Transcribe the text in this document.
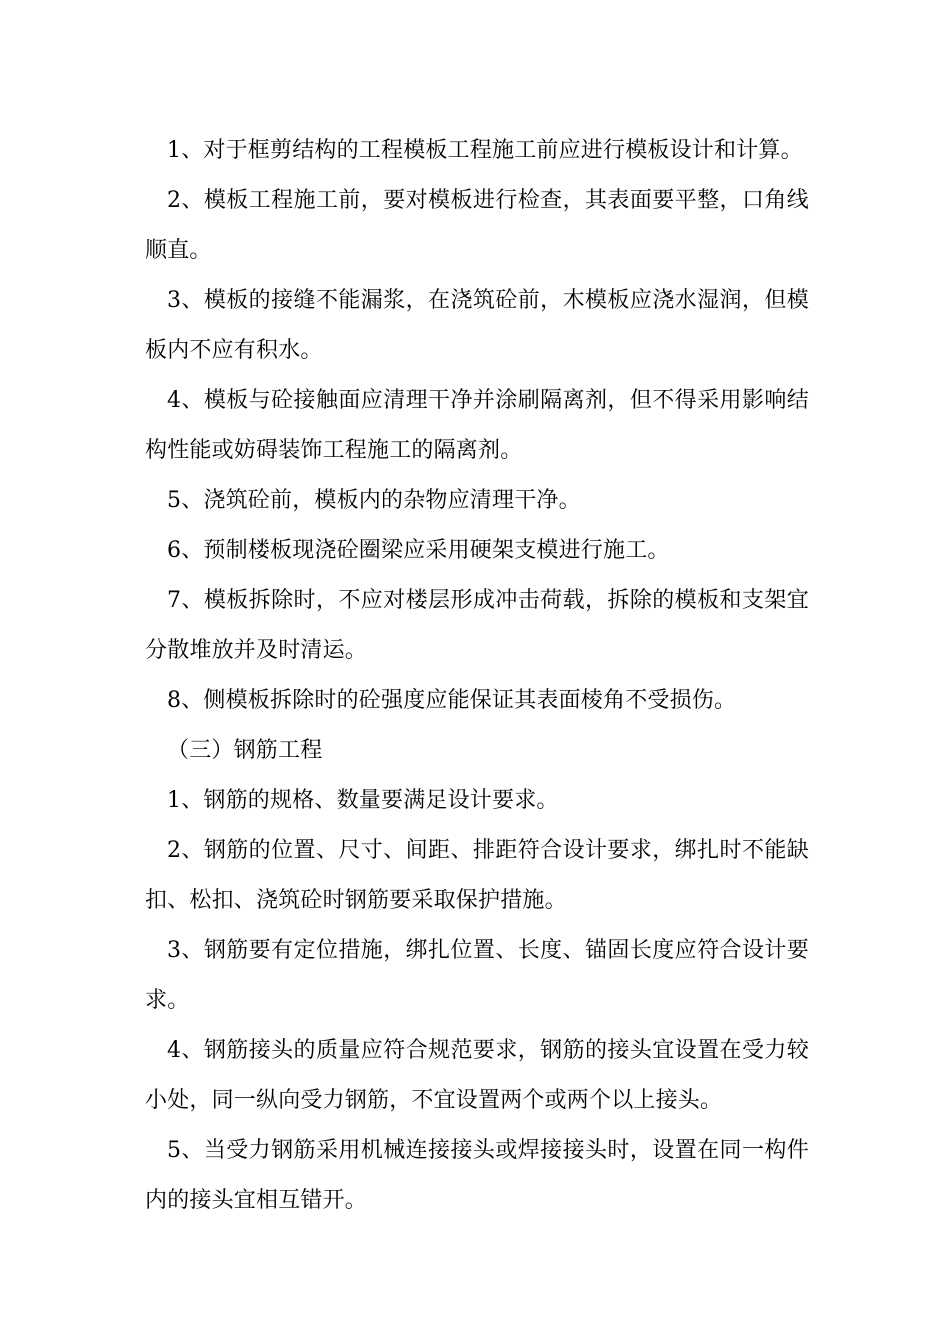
1、对于框剪结构的工程模板工程施工前应进行模板设计和计算。

2、模板工程施工前，要对模板进行检查，其表面要平整，口角线顺直。

3、模板的接缝不能漏浆，在浇筑砼前，木模板应浇水湿润，但模板内不应有积水。

4、模板与砼接触面应清理干净并涂刷隔离剂，但不得采用影响结构性能或妨碍装饰工程施工的隔离剂。

5、浇筑砼前，模板内的杂物应清理干净。

6、预制楼板现浇砼圈梁应采用硬架支模进行施工。

7、模板拆除时，不应对楼层形成冲击荷载，拆除的模板和支架宜分散堆放并及时清运。

8、侧模板拆除时的砼强度应能保证其表面棱角不受损伤。

（三）钢筋工程

1、钢筋的规格、数量要满足设计要求。

2、钢筋的位置、尺寸、间距、排距符合设计要求，绑扎时不能缺扣、松扣、浇筑砼时钢筋要采取保护措施。

3、钢筋要有定位措施，绑扎位置、长度、锚固长度应符合设计要求。

4、钢筋接头的质量应符合规范要求，钢筋的接头宜设置在受力较小处，同一纵向受力钢筋，不宜设置两个或两个以上接头。

5、当受力钢筋采用机械连接接头或焊接接头时，设置在同一构件内的接头宜相互错开。
